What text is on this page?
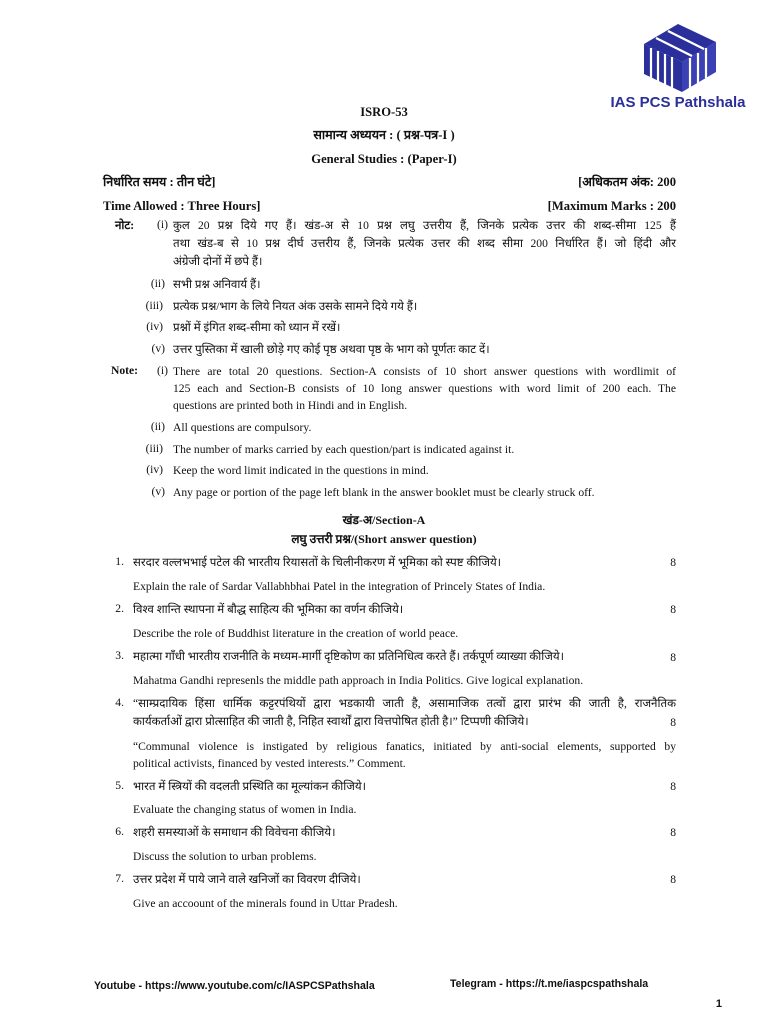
IAS PCS Pathshala
ISRO-53
सामान्य अध्ययन : ( प्रश्न-पत्र-I )
General Studies : (Paper-I)
निर्धारित समय : तीन घंटे]	[अधिकतम अंक: 200
Time Allowed : Three Hours]	[Maximum Marks : 200
नोट:	(i) कुल 20 प्रश्न दिये गए हैं। खंड-अ से 10 प्रश्न लघु उत्तरीय हैं, जिनके प्रत्येक उत्तर की शब्द-सीमा 125 हैं
तथा खंड-ब से 10 प्रश्न दीर्घ उत्तरीय हैं, जिनके प्रत्येक उत्तर की शब्द सीमा 200 निर्धारित हैं। जो हिंदी और
अंग्रेजी दोनों में छपे हैं।
(ii) सभी प्रश्न अनिवार्य हैं।
(iii) प्रत्येक प्रश्न/भाग के लिये नियत अंक उसके सामने दिये गये हैं।
(iv) प्रश्नों में इंगित शब्द-सीमा को ध्यान में रखें।
(v) उत्तर पुस्तिका में खाली छोड़े गए कोई पृष्ठ अथवा पृष्ठ के भाग को पूर्णतः काट दें।
Note:	(i) There are total 20 questions. Section-A consists of 10 short answer questions with wordlimit of
125 each and Section-B consists of 10 long answer questions with word limit of 200 each. The
questions are printed both in Hindi and in English.
(ii) All questions are compulsory.
(iii) The number of marks carried by each question/part is indicated against it.
(iv) Keep the word limit indicated in the questions in mind.
(v) Any page or portion of the page left blank in the answer booklet must be clearly struck off.
खंड-अ/Section-A
लघु उत्तरी प्रश्न/(Short answer question)
1. सरदार वल्लभभाई पटेल की भारतीय रियासतों के चिलीनीकरण में भूमिका को स्पष्ट कीजिये।	8
Explain the rale of Sardar Vallabhbhai Patel in the integration of Princely States of India.
2. विश्व शान्ति स्थापना में बौद्ध साहित्य की भूमिका का वर्णन कीजिये।	8
Describe the role of Buddhist literature in the creation of world peace.
3. महात्मा गाँधी भारतीय राजनीति के मध्यम-मार्गी दृष्टिकोण का प्रतिनिधित्व करते हैं। तर्कपूर्ण व्याख्या कीजिये।	8
Mahatma Gandhi represenls the middle path approach in India Politics. Give logical explanation.
4. “साम्प्रदायिक हिंसा धार्मिक कट्टरपंथियों द्वारा भडकायी जाती है, असामाजिक तत्वों द्वारा प्रारंभ की जाती है, राजनैतिक
कार्यकर्ताओं द्वारा प्रोत्साहित की जाती है, निहित स्वार्थों द्वारा वित्तपोषित होती है।” टिप्पणी कीजिये।	8
“Communal violence is instigated by religious fanatics, initiated by anti-social elements, supported by
political activists, financed by vested interests.” Comment.
5. भारत में स्त्रियों की वदलती प्रस्थिति का मूल्यांकन कीजिये।	8
Evaluate the changing status of women in India.
6. शहरी समस्याओं के समाधान की विवेचना कीजिये।	8
Discuss the solution to urban problems.
7. उत्तर प्रदेश में पाये जाने वाले खनिजों का विवरण दीजिये।	8
Give an accoount of the minerals found in Uttar Pradesh.
Youtube - https://www.youtube.com/c/IASPCSPathshala	Telegram - https://t.me/iaspcspathshala
1
